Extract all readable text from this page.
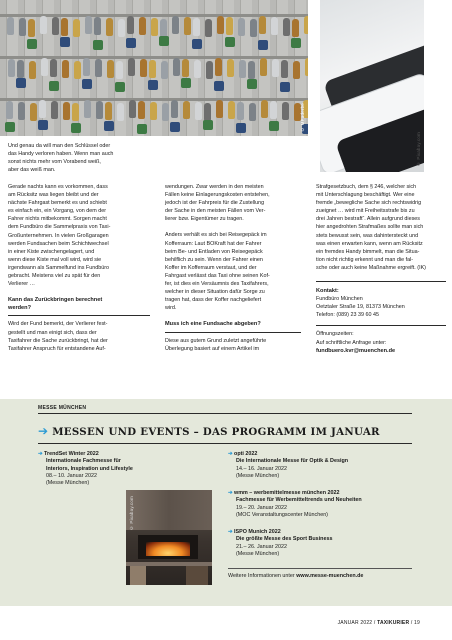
© MPaderbe
© Pixabay.com
Und genau da will man den Schlüssel oder
das Handy verloren haben. Wenn man auch
sonst nichts mehr vom Vorabend weiß,
aber das weiß man.
Gerade nachts kann es vorkommen, dass
am Rücksitz was liegen bleibt und der
nächste Fahrgast bemerkt es und schiebt
es einfach ein, ein Vorgang, von dem der
Fahrer nichts mitbekommt. Sorgen macht
dem Fundbüro die Sammelpraxis von Taxi-
Großunternehmen. In vielen Großgaragen
werden Fundsachen beim Schichtwechsel
in einer Kiste zwischengelagert, und
wenn diese Kiste mal voll wird, wird sie
irgendwann als Sammelfund ins Fundbüro
gebracht. Meistens viel zu spät für den
Verlierer …
Kann das Zurückbringen berechnet
werden?
Wird der Fund bemerkt, der Verlierer fest-
gestellt und man einigt sich, dass der
Taxifahrer die Sache zurückbringt, hat der
Taxifahrer Anspruch für entstandene Auf-
wendungen. Zwar werden in den meisten
Fällen keine Einlagerungskosten entstehen,
jedoch ist der Fahrpreis für die Zustellung
der Sache in den meisten Fällen vom Ver-
lierer bzw. Eigentümer zu tragen.
Anders verhält es sich bei Reisegepäck im
Kofferraum: Laut BOKraft hat der Fahrer
beim Be- und Entladen von Reisegepäck
behilflich zu sein. Wenn der Fahrer einen
Koffer im Kofferraum verstaut, und der
Fahrgast verlässt das Taxi ohne seinen Kof-
fer, ist dies ein Versäumnis des Taxifahrers,
welcher in dieser Situation dafür Sorge zu
tragen hat, dass der Koffer nachgeliefert
wird.
Muss ich eine Fundsache abgeben?
Diese aus gutem Grund zuletzt angeführte
Überlegung basiert auf einem Artikel im
Strafgesetzbuch, dem § 246, welcher sich
mit Unterschlagung beschäftigt. Wer eine
fremde „bewegliche Sache sich rechtswidrig
zueignet … wird mit Freiheitsstrafe bis zu
drei Jahren bestraft“. Allein aufgrund dieses
hier angedrohten Strafmaßes sollte man sich
stets bewusst sein, was dahintersteckt und
was einen erwarten kann, wenn am Rücksitz
ein fremdes Handy bimmelt, man die Situa-
tion nicht richtig erkennt und man die fal-
sche oder auch keine Maßnahme ergreift. (IK)
Kontakt:
Fundbüro München
Oetztaler Straße 19, 81373 München
Telefon: (089) 23 39 60 45
Öffnungszeiten:
Auf schriftliche Anfrage unter:
fundbuero.kvr@muenchen.de
MESSE MÜNCHEN
➔ MESSEN UND EVENTS – DAS PROGRAMM IM JANUAR
➔ TrendSet Winter 2022
Internationale Fachmesse für
Interiors, Inspiration und Lifestyle
08.– 10. Januar 2022
(Messe München)
➔ opti 2022
Die Internationale Messe für Optik & Design
14.– 16. Januar 2022
(Messe München)
➔ wmm – werbemittelmesse münchen 2022
Fachmesse für Werbemitteltrends und Neuheiten
19.– 20. Januar 2022
(MOC Veranstaltungscenter München)
➔ ISPO Munich 2022
Die größte Messe des Sport Business
21.– 26. Januar 2022
(Messe München)
Weitere Informationen unter www.messe-muenchen.de
© Pixabay.com
JANUAR 2022 / TAXIKURIER / 19
